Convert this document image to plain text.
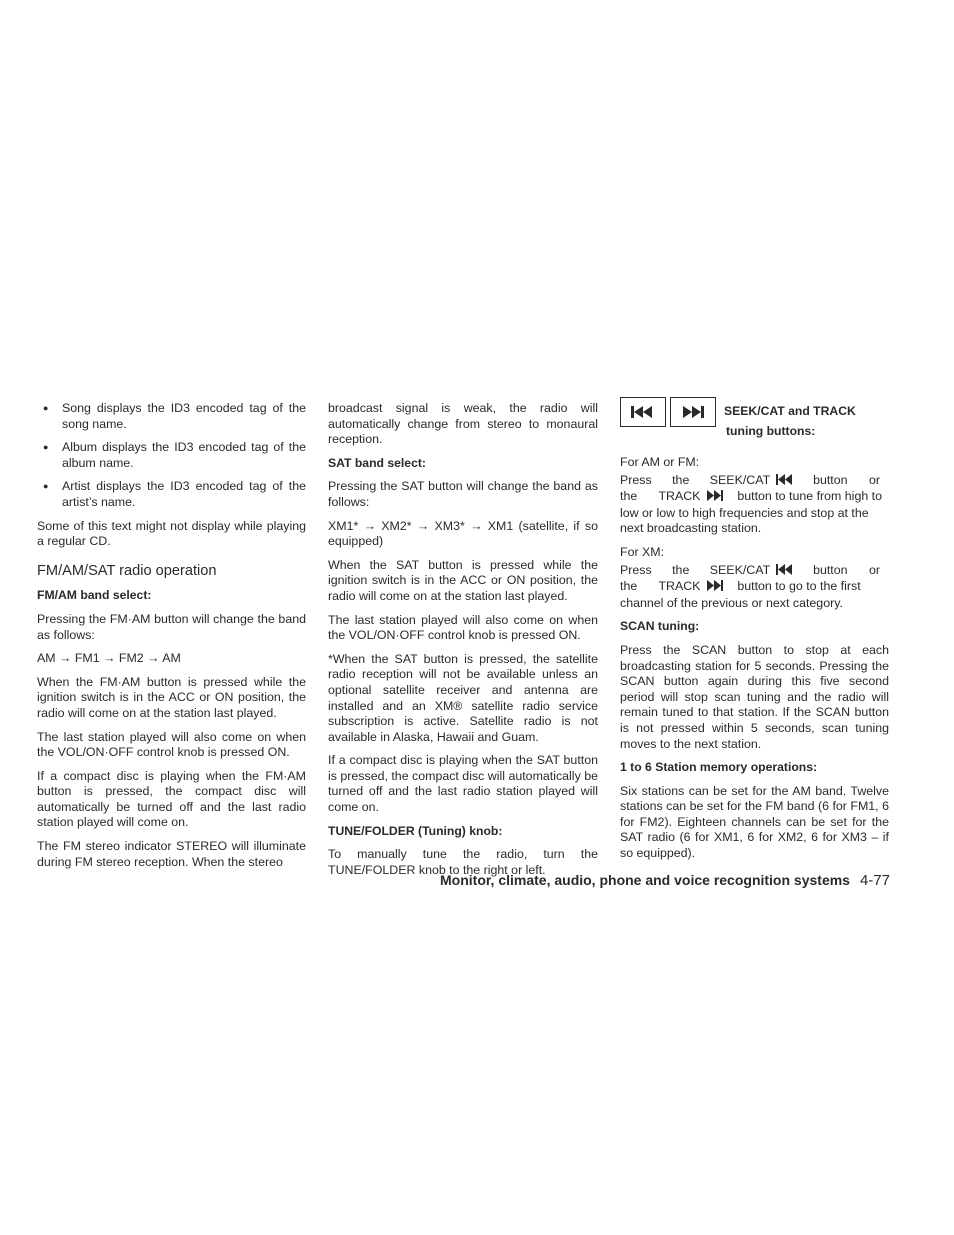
● Song displays the ID3 encoded tag of the song name.
● Album displays the ID3 encoded tag of the album name.
● Artist displays the ID3 encoded tag of the artist’s name.

Some of this text might not display while playing a regular CD.

FM/AM/SAT radio operation
FM/AM band select:

Pressing the FM·AM button will change the band as follows:

AM → FM1 → FM2 → AM

When the FM·AM button is pressed while the ignition switch is in the ACC or ON position, the radio will come on at the station last played.

The last station played will also come on when the VOL/ON·OFF control knob is pressed ON.

If a compact disc is playing when the FM·AM button is pressed, the compact disc will automatically be turned off and the last radio station played will come on.

The FM stereo indicator STEREO will illuminate during FM stereo reception. When the stereo

broadcast signal is weak, the radio will automatically change from stereo to monaural reception.

SAT band select:

Pressing the SAT button will change the band as follows:

XM1* → XM2* → XM3* → XM1 (satellite, if so equipped)

When the SAT button is pressed while the ignition switch is in the ACC or ON position, the radio will come on at the station last played.

The last station played will also come on when the VOL/ON·OFF control knob is pressed ON.

*When the SAT button is pressed, the satellite radio reception will not be available unless an optional satellite receiver and antenna are installed and an XM® satellite radio service subscription is active. Satellite radio is not available in Alaska, Hawaii and Guam.

If a compact disc is playing when the SAT button is pressed, the compact disc will automatically be turned off and the last radio station played will come on.

TUNE/FOLDER (Tuning) knob:

To manually tune the radio, turn the TUNE/FOLDER knob to the right or left.

SEEK/CAT and TRACK
tuning buttons:
For AM or FM:

Press the SEEK/CAT	button or the TRACK	button to tune from high to low or low to high frequencies and stop at the next broadcasting station.

For XM:

Press the SEEK/CAT	button or the TRACK	button to go to the first channel of the previous or next category.

SCAN tuning:

Press the SCAN button to stop at each broadcasting station for 5 seconds. Pressing the SCAN button again during this five second period will stop scan tuning and the radio will remain tuned to that station. If the SCAN button is not pressed within 5 seconds, scan tuning moves to the next station.

1 to 6 Station memory operations:

Six stations can be set for the AM band. Twelve stations can be set for the FM band (6 for FM1, 6 for FM2). Eighteen channels can be set for the SAT radio (6 for XM1, 6 for XM2, 6 for XM3 – if so equipped).

Monitor, climate, audio, phone and voice recognition systems 4-77
